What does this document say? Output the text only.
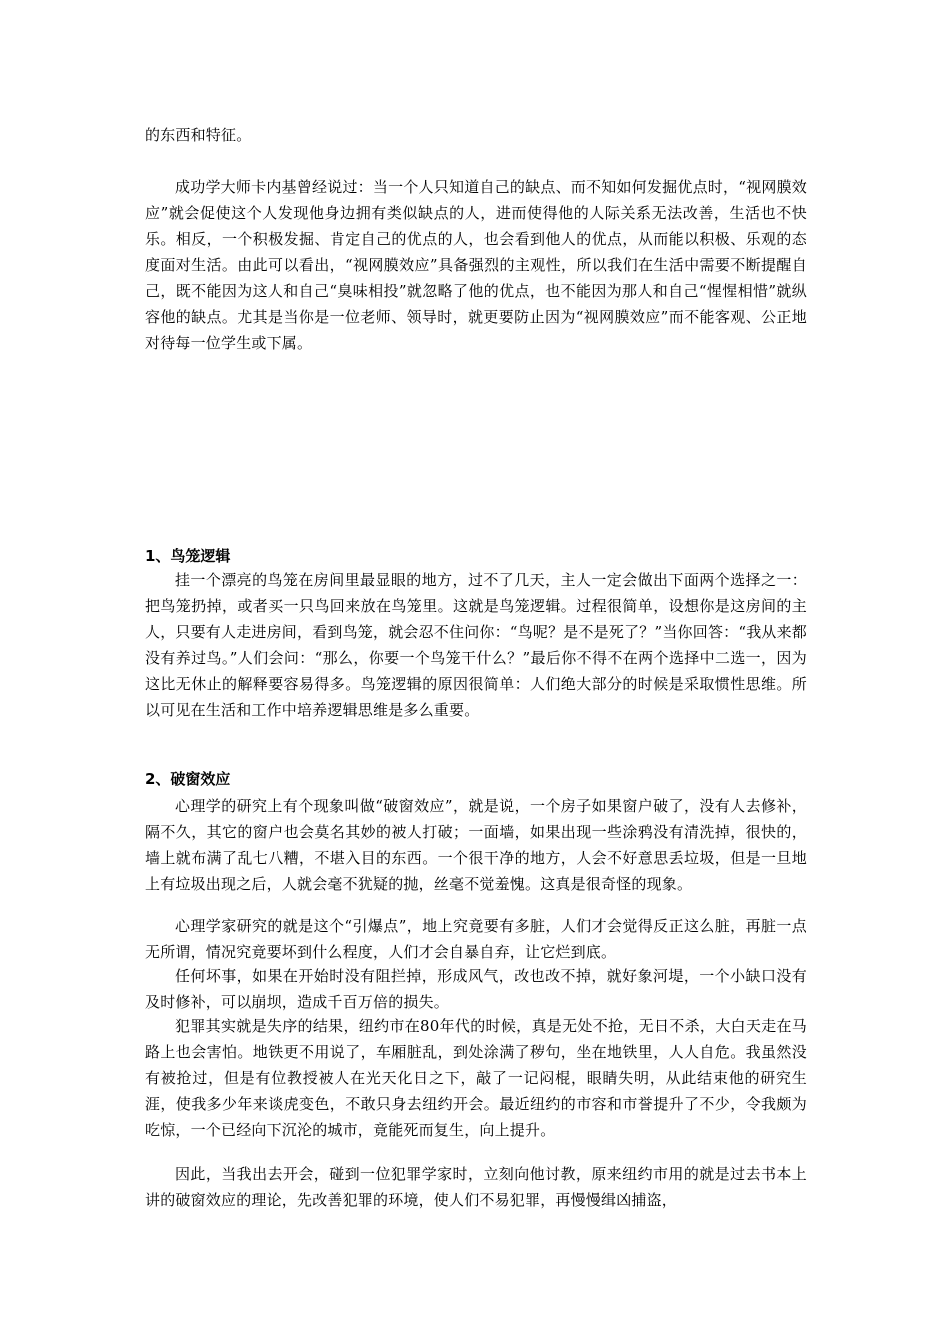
的东西和特征。

成功学大师卡内基曾经说过：当一个人只知道自己的缺点、而不知如何发掘优点时，“视网膜效应”就会促使这个人发现他身边拥有类似缺点的人，进而使得他的人际关系无法改善，生活也不快乐。相反，一个积极发掘、肯定自己的优点的人，也会看到他人的优点，从而能以积极、乐观的态度面对生活。由此可以看出，“视网膜效应”具备强烈的主观性，所以我们在生活中需要不断提醒自己，既不能因为这人和自己“臭味相投”就忽略了他的优点，也不能因为那人和自己“惺惺相惜”就纵容他的缺点。尤其是当你是一位老师、领导时，就更要防止因为“视网膜效应”而不能客观、公正地对待每一位学生或下属。

1、鸟笼逻辑

挂一个漂亮的鸟笼在房间里最显眼的地方，过不了几天，主人一定会做出下面两个选择之一：把鸟笼扔掉，或者买一只鸟回来放在鸟笼里。这就是鸟笼逻辑。过程很简单，设想你是这房间的主人，只要有人走进房间，看到鸟笼，就会忍不住问你：“鸟呢？是不是死了？”当你回答：“我从来都没有养过鸟。”人们会问：“那么，你要一个鸟笼干什么？”最后你不得不在两个选择中二选一，因为这比无休止的解释要容易得多。鸟笼逻辑的原因很简单：人们绝大部分的时候是采取惯性思维。所以可见在生活和工作中培养逻辑思维是多么重要。

2、破窗效应

心理学的研究上有个现象叫做“破窗效应”，就是说，一个房子如果窗户破了，没有人去修补，隔不久，其它的窗户也会莫名其妙的被人打破；一面墙，如果出现一些涂鸦没有清洗掉，很快的，墙上就布满了乱七八糟，不堪入目的东西。一个很干净的地方，人会不好意思丢垃圾，但是一旦地上有垃圾出现之后，人就会毫不犹疑的抛，丝毫不觉羞愧。这真是很奇怪的现象。

心理学家研究的就是这个“引爆点”，地上究竟要有多脏，人们才会觉得反正这么脏，再脏一点无所谓，情况究竟要坏到什么程度，人们才会自暴自弃，让它烂到底。

任何坏事，如果在开始时没有阻拦掉，形成风气，改也改不掉，就好象河堤，一个小缺口没有及时修补，可以崩坝，造成千百万倍的损失。

犯罪其实就是失序的结果，纽约市在80年代的时候，真是无处不抢，无日不杀，大白天走在马路上也会害怕。地铁更不用说了，车厢脏乱，到处涂满了秽句，坐在地铁里，人人自危。我虽然没有被抢过，但是有位教授被人在光天化日之下，敲了一记闷棍，眼睛失明，从此结束他的研究生涯，使我多少年来谈虎变色，不敢只身去纽约开会。最近纽约的市容和市誉提升了不少，令我颇为吃惊，一个已经向下沉沦的城市，竟能死而复生，向上提升。

因此，当我出去开会，碰到一位犯罪学家时，立刻向他讨教，原来纽约市用的就是过去书本上讲的破窗效应的理论，先改善犯罪的环境，使人们不易犯罪，再慢慢缉凶捕盗，
